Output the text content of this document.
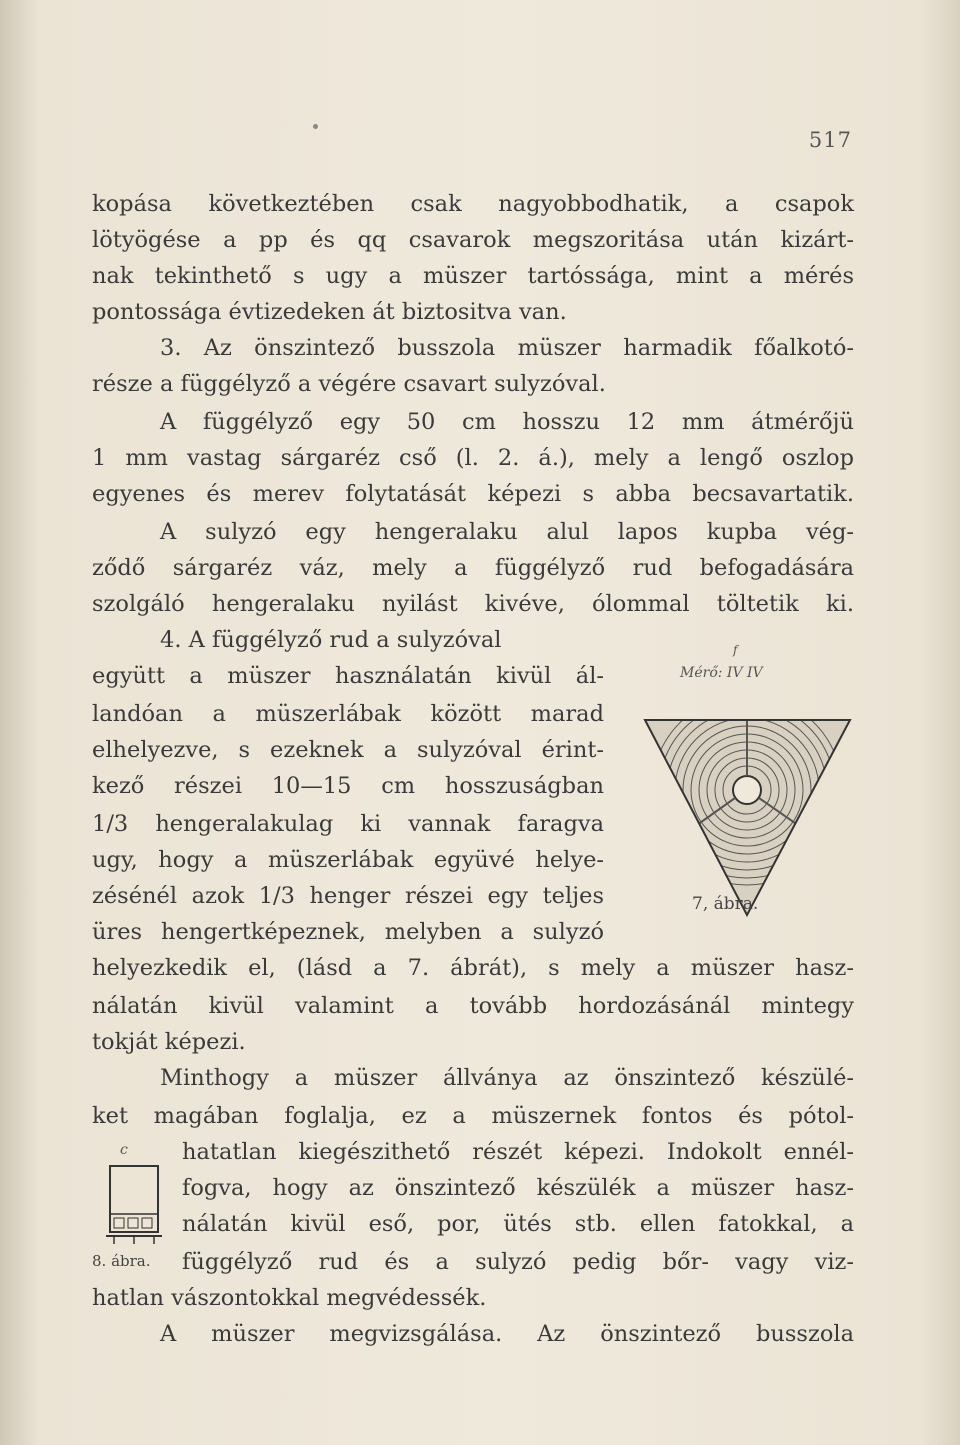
517
kopása következtében csak nagyobbodhatik, a csapok
lötyögése a pp és qq csavarok megszoritása után kizárt-
nak tekinthető s ugy a müszer tartóssága, mint a mérés
pontossága évtizedeken át biztositva van.
3. Az önszintező busszola müszer harmadik főalkotó-
része a függélyző a végére csavart sulyzóval.
A függélyző egy 50 cm hosszu 12 mm átmérőjü
1 mm vastag sárgaréz cső (l. 2. á.), mely a lengő oszlop
egyenes és merev folytatását képezi s abba becsavartatik.
A sulyzó egy hengeralaku alul lapos kupba vég-
ződő sárgaréz váz, mely a függélyző rud befogadására
szolgáló hengeralaku nyilást kivéve, ólommal töltetik ki.
4. A függélyző rud a sulyzóval
együtt a müszer használatán kivül ál-
landóan a müszerlábak között marad
elhelyezve, s ezeknek a sulyzóval érint-
kező részei 10—15 cm hosszuságban
1/3 hengeralakulag ki vannak faragva
ugy, hogy a müszerlábak együvé helye-
zésénél azok 1/3 henger részei egy teljes
üres hengertképeznek, melyben a sulyzó
helyezkedik el, (lásd a 7. ábrát), s mely a müszer hasz-
nálatán kivül valamint a tovább hordozásánál mintegy
tokját képezi.
Minthogy a müszer állványa az önszintező készülé-
ket magában foglalja, ez a müszernek fontos és pótol-
hatatlan kiegészithető részét képezi. Indokolt ennél-
fogva, hogy az önszintező készülék a müszer hasz-
nálatán kivül eső, por, ütés stb. ellen fatokkal, a
függélyző rud és a sulyzó pedig bőr- vagy viz-
hatlan vászontokkal megvédessék.
A müszer megvizsgálása. Az önszintező busszola
f
Mérő: IV IV
7, ábra.
c
8. ábra.
